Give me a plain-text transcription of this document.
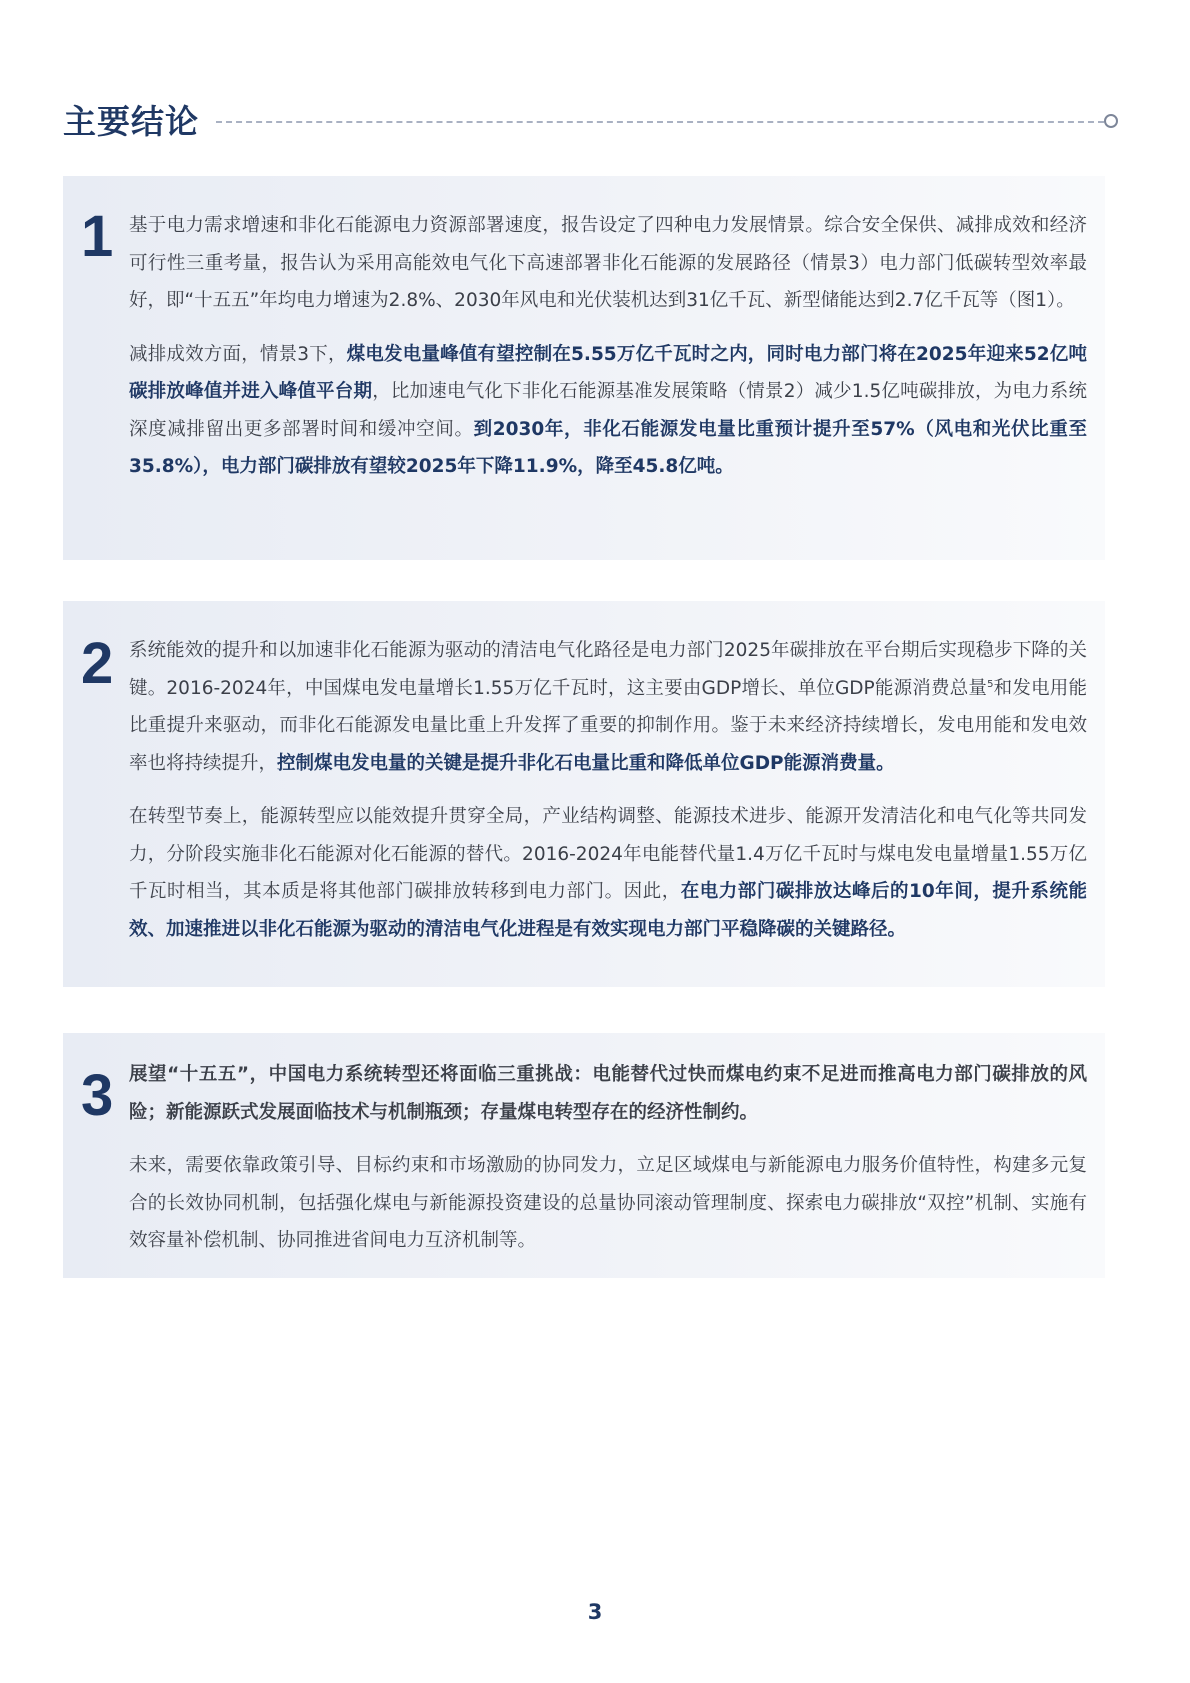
主要结论
1 基于电力需求增速和非化石能源电力资源部署速度，报告设定了四种电力发展情景。综合安全保供、减排成效和经济可行性三重考量，报告认为采用高能效电气化下高速部署非化石能源的发展路径（情景3）电力部门低碳转型效率最好，即“十五五”年均电力增速为2.8%、2030年风电和光伏装机达到31亿千瓦、新型储能达到2.7亿千瓦等（图1）。

减排成效方面，情景3下，煤电发电量峰值有望控制在5.55万亿千瓦时之内，同时电力部门将在2025年迎来52亿吨碳排放峰值并进入峰值平台期，比加速电气化下非化石能源基准发展策略（情景2）减少1.5亿吨碳排放，为电力系统深度减排留出更多部署时间和缓冲空间。到2030年，非化石能源发电量比重预计提升至57%（风电和光伏比重至35.8%），电力部门碳排放有望较2025年下降11.9%，降至45.8亿吨。

2 系统能效的提升和以加速非化石能源为驱动的清洁电气化路径是电力部门2025年碳排放在平台期后实现稳步下降的关键。2016-2024年，中国煤电发电量增长1.55万亿千瓦时，这主要由GDP增长、单位GDP能源消费总量$^5$和发电用能比重提升来驱动，而非化石能源发电量比重上升发挥了重要的抑制作用。鉴于未来经济持续增长，发电用能和发电效率也将持续提升，控制煤电发电量的关键是提升非化石电量比重和降低单位GDP能源消费量。

在转型节奏上，能源转型应以能效提升贯穿全局，产业结构调整、能源技术进步、能源开发清洁化和电气化等共同发力，分阶段实施非化石能源对化石能源的替代。2016-2024年电能替代量1.4万亿千瓦时与煤电发电量增量1.55万亿千瓦时相当，其本质是将其他部门碳排放转移到电力部门。因此，在电力部门碳排放达峰后的10年间，提升系统能效、加速推进以非化石能源为驱动的清洁电气化进程是有效实现电力部门平稳降碳的关键路径。

3 展望“十五五”，中国电力系统转型还将面临三重挑战：电能替代过快而煤电约束不足进而推高电力部门碳排放的风险；新能源跃式发展面临技术与机制瓶颈；存量煤电转型存在的经济性制约。

未来，需要依靠政策引导、目标约束和市场激励的协同发力，立足区域煤电与新能源电力服务价值特性，构建多元复合的长效协同机制，包括强化煤电与新能源投资建设的总量协同滚动管理制度、探索电力碳排放“双控”机制、实施有效容量补偿机制、协同推进省间电力互济机制等。

3
